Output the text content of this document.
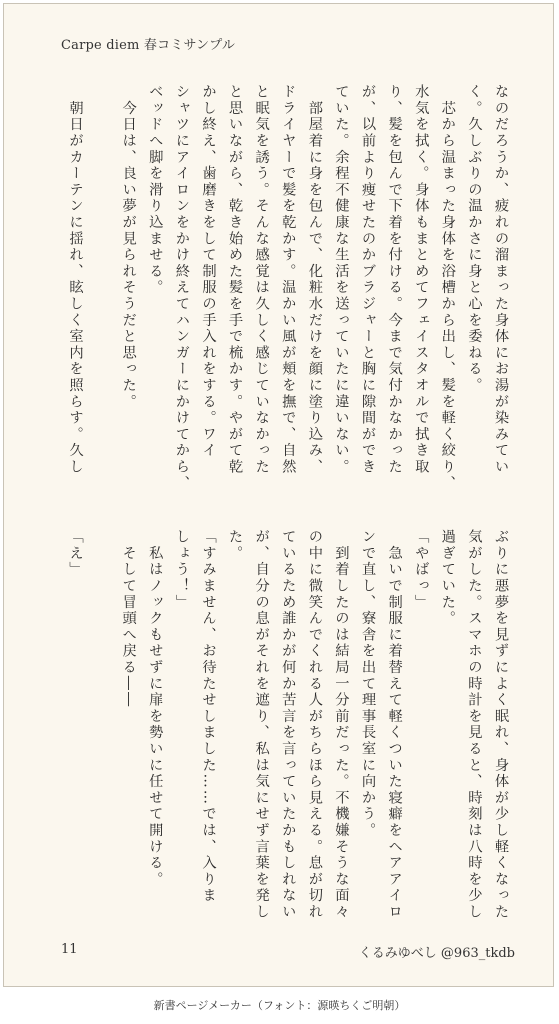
Carpe diem 春コミサンプル
なのだろうか、疲れの溜まった身体にお湯が染みてい
く。久しぶりの温かさに身と心を委ねる。
　芯から温まった身体を浴槽から出し、髪を軽く絞り、
水気を拭く。身体もまとめてフェイスタオルで拭き取
り、髪を包んで下着を付ける。今まで気付かなかった
が、以前より痩せたのかブラジャーと胸に隙間ができ
ていた。余程不健康な生活を送っていたに違いない。
　部屋着に身を包んで、化粧水だけを顔に塗り込み、
ドライヤーで髪を乾かす。温かい風が頬を撫で、自然
と眠気を誘う。そんな感覚は久しく感じていなかった
と思いながら、乾き始めた髪を手で梳かす。やがて乾
かし終え、歯磨きをして制服の手入れをする。ワイ
シャツにアイロンをかけ終えてハンガーにかけてから、
ベッドへ脚を滑り込ませる。
　今日は、良い夢が見られそうだと思った。

　朝日がカーテンに揺れ、眩しく室内を照らす。久し
ぶりに悪夢を見ずによく眠れ、身体が少し軽くなった
気がした。スマホの時計を見ると、時刻は八時を少し
過ぎていた。
「やばっ」
　急いで制服に着替えて軽くついた寝癖をヘアアイロ
ンで直し、寮舎を出て理事長室に向かう。
　到着したのは結局一分前だった。不機嫌そうな面々
の中に微笑んでくれる人がちらほら見える。息が切れ
ているため誰かが何か苦言を言っていたかもしれない
が、自分の息がそれを遮り、私は気にせず言葉を発し
た。
「すみません、お待たせしました……では、入りま
しょう！」
　私はノックもせずに扉を勢いに任せて開ける。
　そして冒頭へ戻る――

「え」
11	くるみゆべし @963_tkdb
新書ページメーカー（フォント：源暎ちくご明朝）
